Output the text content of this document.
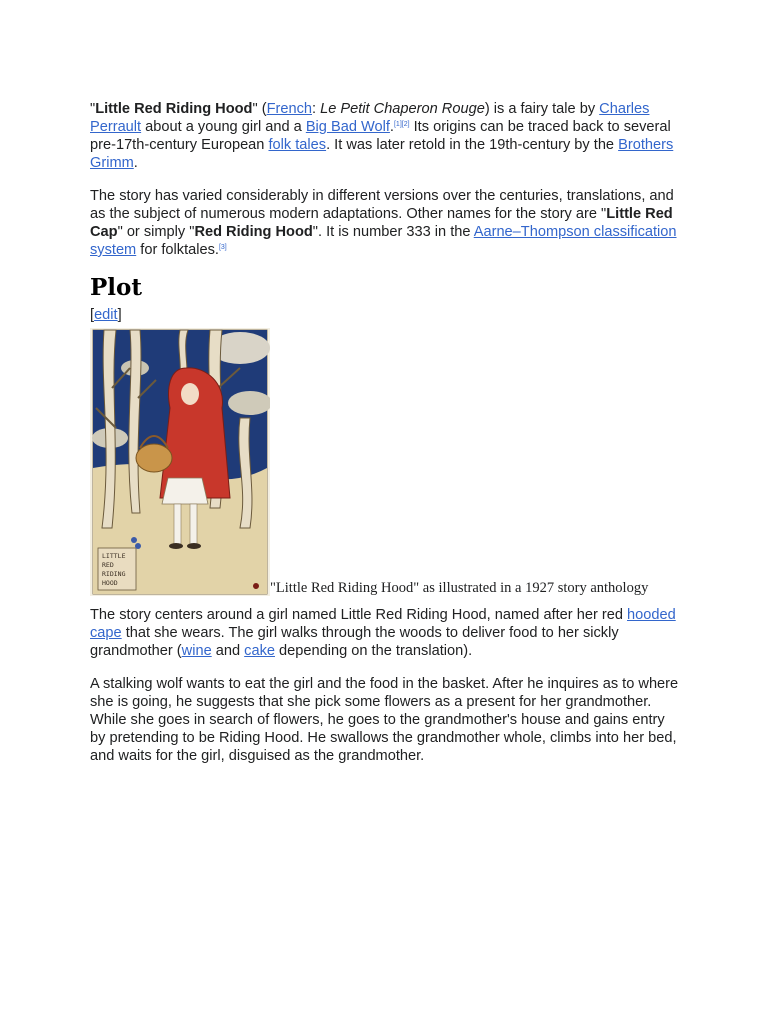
"Little Red Riding Hood" (French: Le Petit Chaperon Rouge) is a fairy tale by Charles Perrault about a young girl and a Big Bad Wolf.[1][2] Its origins can be traced back to several pre-17th-century European folk tales. It was later retold in the 19th-century by the Brothers Grimm.

The story has varied considerably in different versions over the centuries, translations, and as the subject of numerous modern adaptations. Other names for the story are "Little Red Cap" or simply "Red Riding Hood". It is number 333 in the Aarne–Thompson classification system for folktales.[3]

Plot
[edit]
LITTLE
RED
RIDING
HOOD	"Little Red Riding Hood" as illustrated in a 1927 story anthology

The story centers around a girl named Little Red Riding Hood, named after her red hooded cape that she wears. The girl walks through the woods to deliver food to her sickly grandmother (wine and cake depending on the translation).

A stalking wolf wants to eat the girl and the food in the basket. After he inquires as to where she is going, he suggests that she pick some flowers as a present for her grandmother. While she goes in search of flowers, he goes to the grandmother's house and gains entry by pretending to be Riding Hood. He swallows the grandmother whole, climbs into her bed, and waits for the girl, disguised as the grandmother.
